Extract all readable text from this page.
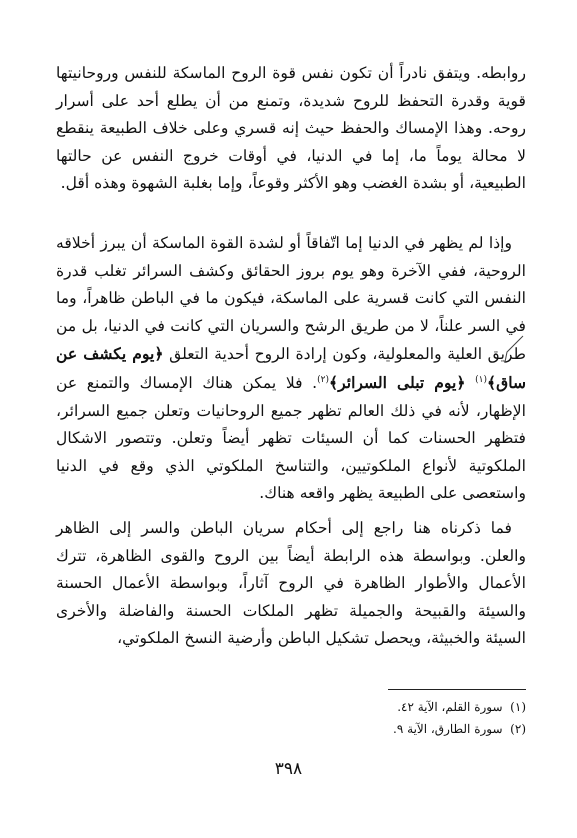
روابطه. ويتفق نادراً أن تكون نفس قوة الروح الماسكة للنفس وروحانيتها قوية وقدرة التحفظ للروح شديدة، وتمنع من أن يطلع أحد على أسرار روحه. وهذا الإمساك والحفظ حيث إنه قسري وعلى خلاف الطبيعة ينقطع لا محالة يوماً ما، إما في الدنيا، في أوقات خروج النفس عن حالتها الطبيعية، أو بشدة الغضب وهو الأكثر وقوعاً، وإما بغلبة الشهوة وهذه أقل.

وإذا لم يظهر في الدنيا إما اتّفاقاً أو لشدة القوة الماسكة أن يبرز أخلاقه الروحية، ففي الآخرة وهو يوم بروز الحقائق وكشف السرائر تغلب قدرة النفس التي كانت قسرية على الماسكة، فيكون ما في الباطن ظاهراً، وما في السر علناً، لا من طريق الرشح والسريان التي كانت في الدنيا، بل من طريق العلية والمعلولية، وكون إرادة الروح أحدية التعلق ﴿يوم يكشف عن ساق﴾$^{(١)}$ ﴿يوم تبلى السرائر﴾$^{(٢)}$. فلا يمكن هناك الإمساك والتمنع عن الإظهار، لأنه في ذلك العالم تظهر جميع الروحانيات وتعلن جميع السرائر، فتظهر الحسنات كما أن السيئات تظهر أيضاً وتعلن. وتتصور الاشكال الملكوتية لأنواع الملكوتيين، والتناسخ الملكوتي الذي وقع في الدنيا واستعصى على الطبيعة يظهر واقعه هناك.

فما ذكرناه هنا راجع إلى أحكام سريان الباطن والسر إلى الظاهر والعلن. وبواسطة هذه الرابطة أيضاً بين الروح والقوى الظاهرة، تترك الأعمال والأطوار الظاهرة في الروح آثاراً، وبواسطة الأعمال الحسنة والسيئة والقبيحة والجميلة تظهر الملكات الحسنة والفاضلة والأخرى السيئة والخبيثة، ويحصل تشكيل الباطن وأرضية النسخ الملكوتي،

(١)  سورة القلم، الآية ٤٢.
(٢)  سورة الطارق، الآية ٩.
٣٩٨
